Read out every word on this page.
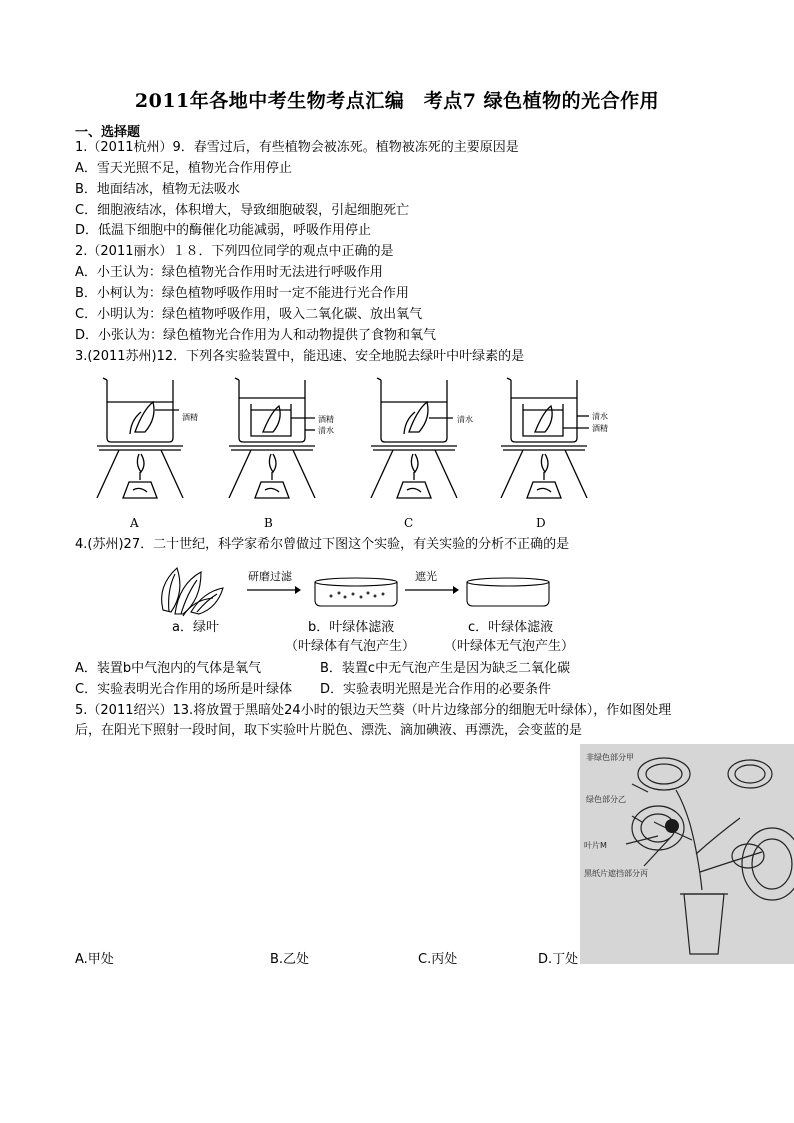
2011年各地中考生物考点汇编　考点7 绿色植物的光合作用
一、选择题
1.（2011杭州）9．春雪过后，有些植物会被冻死。植物被冻死的主要原因是
A．雪天光照不足，植物光合作用停止
B．地面结冰，植物无法吸水
C．细胞液结冰，体积增大，导致细胞破裂，引起细胞死亡
D．低温下细胞中的酶催化功能减弱，呼吸作用停止
2.（2011丽水）１８．下列四位同学的观点中正确的是
A．小王认为：绿色植物光合作用时无法进行呼吸作用
B．小柯认为：绿色植物呼吸作用时一定不能进行光合作用
C．小明认为：绿色植物呼吸作用，吸入二氧化碳、放出氧气
D．小张认为：绿色植物光合作用为人和动物提供了食物和氧气
3.(2011苏州)12．下列各实验装置中，能迅速、安全地脱去绿叶中叶绿素的是
酒精	酒精
清水
清水	清水
酒精
A	B	C	D
4.(苏州)27．二十世纪，科学家希尔曾做过下图这个实验，有关实验的分析不正确的是
研磨过滤	遮光
a．绿叶	b．叶绿体滤液	c．叶绿体滤液
（叶绿体有气泡产生） （叶绿体无气泡产生）
A．装置b中气泡内的气体是氧气	B．装置c中无气泡产生是因为缺乏二氧化碳
C．实验表明光合作用的场所是叶绿体 D．实验表明光照是光合作用的必要条件
5.（2011绍兴）13.将放置于黑暗处24小时的银边天竺葵（叶片边缘部分的细胞无叶绿体），作如图处理
后，在阳光下照射一段时间，取下实验叶片脱色、漂洗、滴加碘液、再漂洗，会变蓝的是
非绿色部分甲
绿色部分乙
叶片M
黑纸片遮挡部分丙
A.甲处	B.乙处	C.丙处	D.丁处
